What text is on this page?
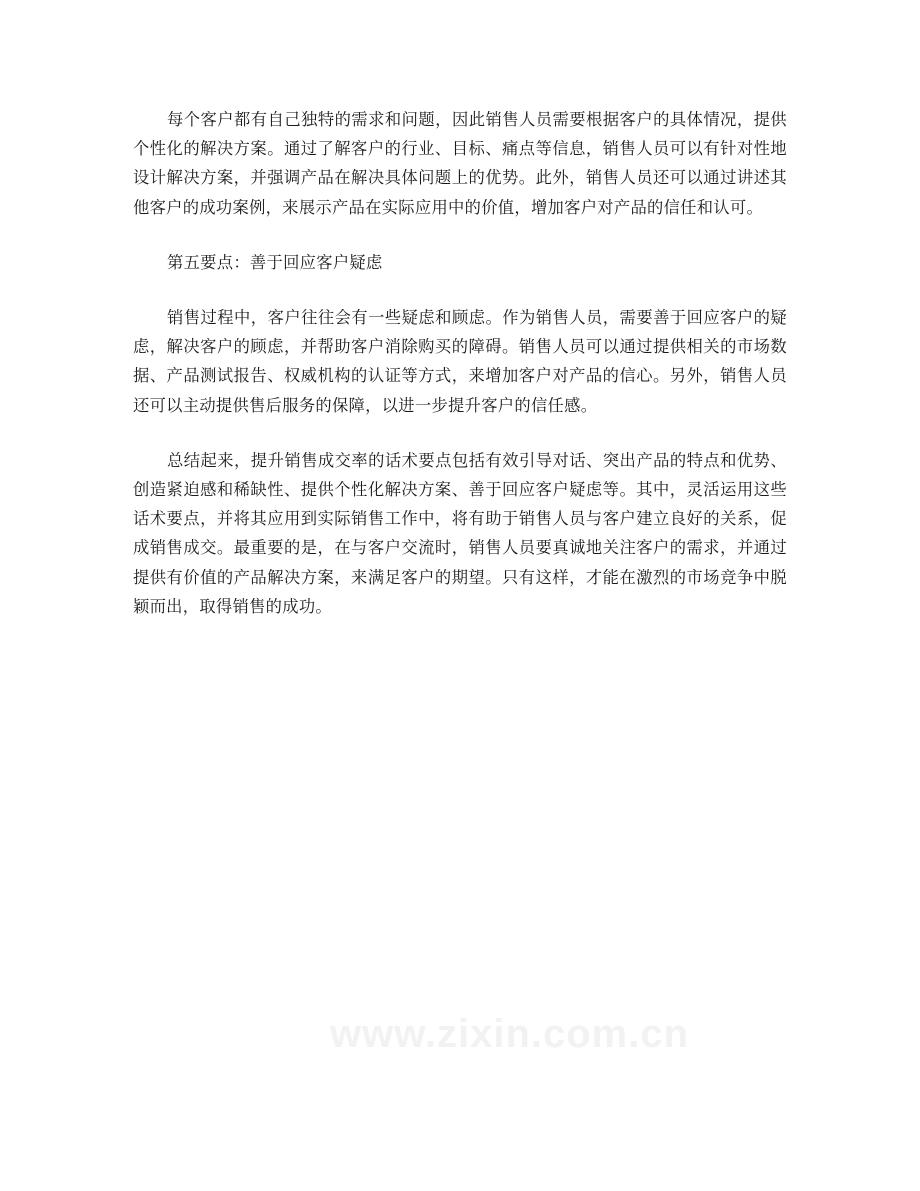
每个客户都有自己独特的需求和问题，因此销售人员需要根据客户的具体情况，提供个性化的解决方案。通过了解客户的行业、目标、痛点等信息，销售人员可以有针对性地设计解决方案，并强调产品在解决具体问题上的优势。此外，销售人员还可以通过讲述其他客户的成功案例，来展示产品在实际应用中的价值，增加客户对产品的信任和认可。

第五要点：善于回应客户疑虑

销售过程中，客户往往会有一些疑虑和顾虑。作为销售人员，需要善于回应客户的疑虑，解决客户的顾虑，并帮助客户消除购买的障碍。销售人员可以通过提供相关的市场数据、产品测试报告、权威机构的认证等方式，来增加客户对产品的信心。另外，销售人员还可以主动提供售后服务的保障，以进一步提升客户的信任感。

总结起来，提升销售成交率的话术要点包括有效引导对话、突出产品的特点和优势、创造紧迫感和稀缺性、提供个性化解决方案、善于回应客户疑虑等。其中，灵活运用这些话术要点，并将其应用到实际销售工作中，将有助于销售人员与客户建立良好的关系，促成销售成交。最重要的是，在与客户交流时，销售人员要真诚地关注客户的需求，并通过提供有价值的产品解决方案，来满足客户的期望。只有这样，才能在激烈的市场竞争中脱颖而出，取得销售的成功。

www.zixin.com.cn
